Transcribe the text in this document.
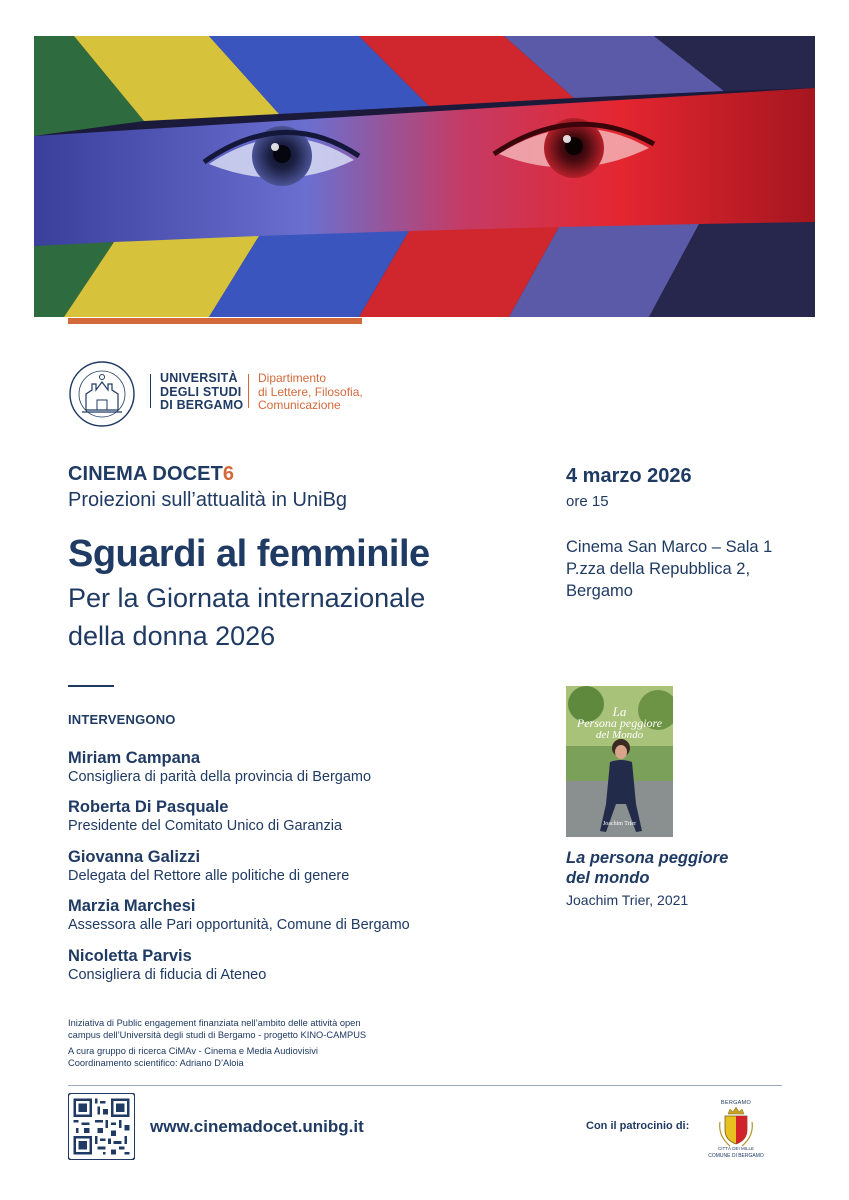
UNIVERSITÀ
DEGLI STUDI
DI BERGAMO
Dipartimento
di Lettere, Filosofia,
Comunicazione
CINEMA DOCET6
Proiezioni sull’attualità in UniBg
Sguardi al femminile
Per la Giornata internazionale
della donna 2026
INTERVENGONO
Miriam Campana
Consigliera di parità della provincia di Bergamo
Roberta Di Pasquale
Presidente del Comitato Unico di Garanzia
Giovanna Galizzi
Delegata del Rettore alle politiche di genere
Marzia Marchesi
Assessora alle Pari opportunità, Comune di Bergamo
Nicoletta Parvis
Consigliera di fiducia di Ateneo
4 marzo 2026
ore 15
Cinema San Marco – Sala 1
P.zza della Repubblica 2,
Bergamo
La
Persona peggiore
del Mondo
Joachim Trier
La persona peggiore
del mondo
Joachim Trier, 2021
Iniziativa di Public engagement finanziata nell’ambito delle attività open
campus dell’Università degli studi di Bergamo - progetto KINO-CAMPUS
A cura gruppo di ricerca CiMAv - Cinema e Media Audiovisivi
Coordinamento scientifico: Adriano D’Aloia
www.cinemadocet.unibg.it	Con il patrocinio di:
BERGAMO
CITTÀ DEI MILLE
COMUNE DI BERGAMO
